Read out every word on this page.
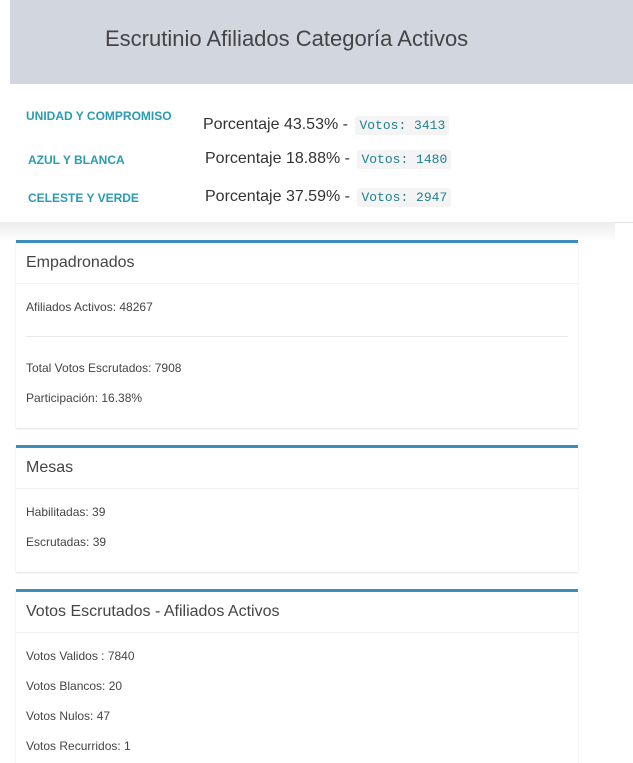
Escrutinio Afiliados Categoría Activos
UNIDAD Y COMPROMISO Porcentaje 43.53% - Votos: 3413
AZUL Y BLANCA	Porcentaje 18.88% - Votos: 1480
CELESTE Y VERDE	Porcentaje 37.59% - Votos: 2947
Empadronados
Afiliados Activos: 48267
Total Votos Escrutados: 7908
Participación: 16.38%
Mesas
Habilitadas: 39
Escrutadas: 39
Votos Escrutados - Afiliados Activos
Votos Validos : 7840
Votos Blancos: 20
Votos Nulos: 47
Votos Recurridos: 1
